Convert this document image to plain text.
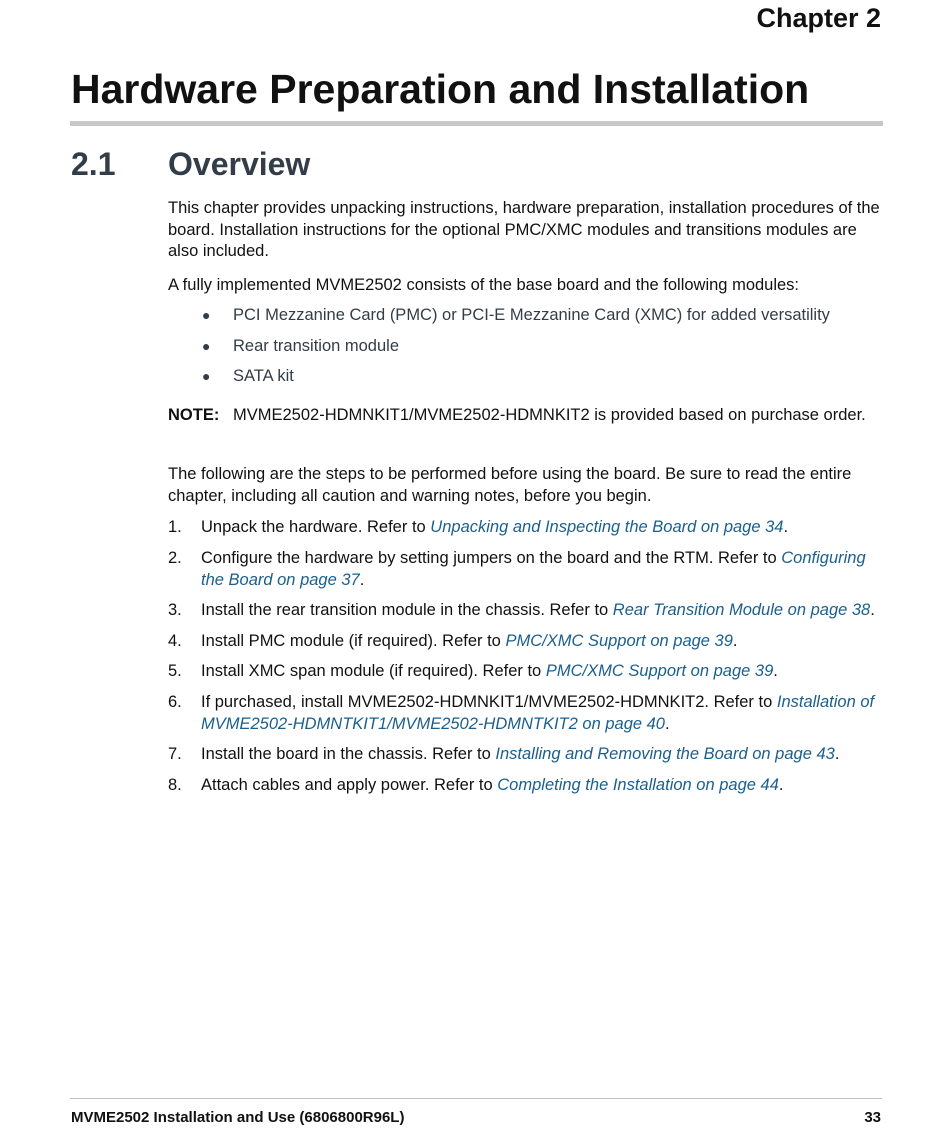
Chapter 2
Hardware Preparation and Installation
2.1 Overview
This chapter provides unpacking instructions, hardware preparation, installation procedures of the board. Installation instructions for the optional PMC/XMC modules and transitions modules are also included.
A fully implemented MVME2502 consists of the base board and the following modules:
● PCI Mezzanine Card (PMC) or PCI-E Mezzanine Card (XMC) for added versatility
● Rear transition module
● SATA kit
NOTE: MVME2502-HDMNKIT1/MVME2502-HDMNKIT2 is provided based on purchase order.
The following are the steps to be performed before using the board. Be sure to read the entire chapter, including all caution and warning notes, before you begin.
1. Unpack the hardware. Refer to Unpacking and Inspecting the Board on page 34.
2. Configure the hardware by setting jumpers on the board and the RTM. Refer to Configuring the Board on page 37.
3. Install the rear transition module in the chassis. Refer to Rear Transition Module on page 38.
4. Install PMC module (if required). Refer to PMC/XMC Support on page 39.
5. Install XMC span module (if required). Refer to PMC/XMC Support on page 39.
6. If purchased, install MVME2502-HDMNKIT1/MVME2502-HDMNKIT2. Refer to Installation of MVME2502-HDMNTKIT1/MVME2502-HDMNTKIT2 on page 40.
7. Install the board in the chassis. Refer to Installing and Removing the Board on page 43.
8. Attach cables and apply power. Refer to Completing the Installation on page 44.
MVME2502 Installation and Use (6806800R96L)	33
